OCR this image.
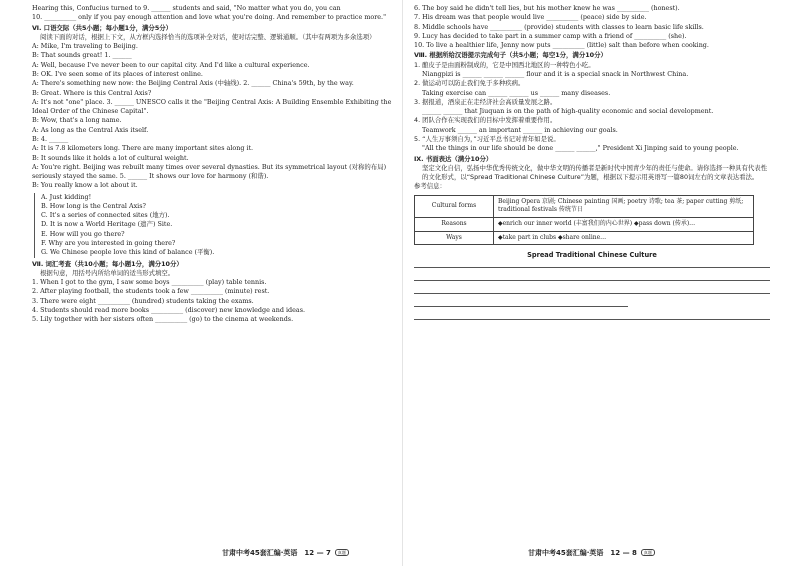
Hearing this, Confucius turned to 9. ______ students and said, "No matter what you do, you can

10. __________ only if you pay enough attention and love what you're doing. And remember to practice more."

Ⅵ. 口语交际（共5小题；每小题1分，满分5分）

阅读下面的对话，根据上下文，从方框内选择恰当的选项补全对话，使对话完整、逻辑通顺。（其中有两项为多余选项）

A: Mike, I'm traveling to Beijing.

B: That sounds great! 1. ______

A: Well, because I've never been to our capital city. And I'd like a cultural experience.

B: OK. I've seen some of its places of interest online.

A: There's something new now: the Beijing Central Axis (中轴线). 2. ______ China's 59th, by the way.

B: Great. Where is this Central Axis?

A: It's not "one" place. 3. ______ UNESCO calls it the "Beijing Central Axis: A Building Ensemble Exhibiting the Ideal Order of the Chinese Capital".

B: Wow, that's a long name.

A: As long as the Central Axis itself.

B: 4. ______

A: It is 7.8 kilometers long. There are many important sites along it.

B: It sounds like it holds a lot of cultural weight.

A: You're right. Beijing was rebuilt many times over several dynasties. But its symmetrical layout (对称的布局) seriously stayed the same. 5. ______ It shows our love for harmony (和谐).

B: You really know a lot about it.

A. Just kidding!

B. How long is the Central Axis?

C. It's a series of connected sites (地方).

D. It is now a World Heritage (遗产) Site.

E. How will you go there?

F. Why are you interested in going there?

G. We Chinese people love this kind of balance (平衡).

Ⅶ. 词汇考查（共10小题；每小题1分，满分10分）

根据句意，用括号内所给单词的适当形式填空。

1. When I got to the gym, I saw some boys __________ (play) table tennis.

2. After playing football, the students took a few __________ (minute) rest.

3. There were eight __________ (hundred) students taking the exams.

4. Students should read more books __________ (discover) new knowledge and ideas.

5. Lily together with her sisters often __________ (go) to the cinema at weekends.

甘肃中考45套汇编·英语　12 — 7 真题

6. The boy said he didn't tell lies, but his mother knew he was __________ (honest).

7. His dream was that people would live __________ (peace) side by side.

8. Middle schools have __________ (provide) students with classes to learn basic life skills.

9. Lucy has decided to take part in a summer camp with a friend of __________ (she).

10. To live a healthier life, Jenny now puts __________ (little) salt than before when cooking.

Ⅷ. 根据所给汉语提示完成句子（共5小题；每空1分，满分10分）

1. 酿皮子是由面粉制成的，它是中国西北地区的一种特色小吃。

Niangpizi is ______ ______ ______ flour and it is a special snack in Northwest China.

2. 做运动可以防止我们免于多种疾病。

Taking exercise can ______ ______ us ______ many diseases.

3. 据报道，酒泉正在走经济社会高质量发展之路。

______ ______ that Jiuquan is on the path of high-quality economic and social development.

4. 团队合作在实现我们的目标中发挥着重要作用。

Teamwork ______ an important ______ in achieving our goals.

5. “人生万事须自为，”习近平总书记对青年如是说。

"All the things in our life should be done ______ ______," President Xi Jinping said to young people.

Ⅸ. 书面表达（满分10分）

坚定文化自信，弘扬中华优秀传统文化，做中华文明的传播者是新时代中国青少年的责任与使命。请你选择一种具有代表性的文化形式，以“Spread Traditional Chinese Culture”为题，根据以下提示用英语写一篇80词左右的文章表达看法。

参考信息：

Cultural forms	Beijing Opera 京剧; Chinese painting 国画; poetry 诗歌; tea 茶; paper cutting 剪纸; traditional festivals 传统节日
Reasons	◆enrich our inner world (丰富我们的内心世界) ◆pass down (传承)…
Ways	◆take part in clubs ◆share online…

Spread Traditional Chinese Culture

甘肃中考45套汇编·英语　12 — 8 真题
